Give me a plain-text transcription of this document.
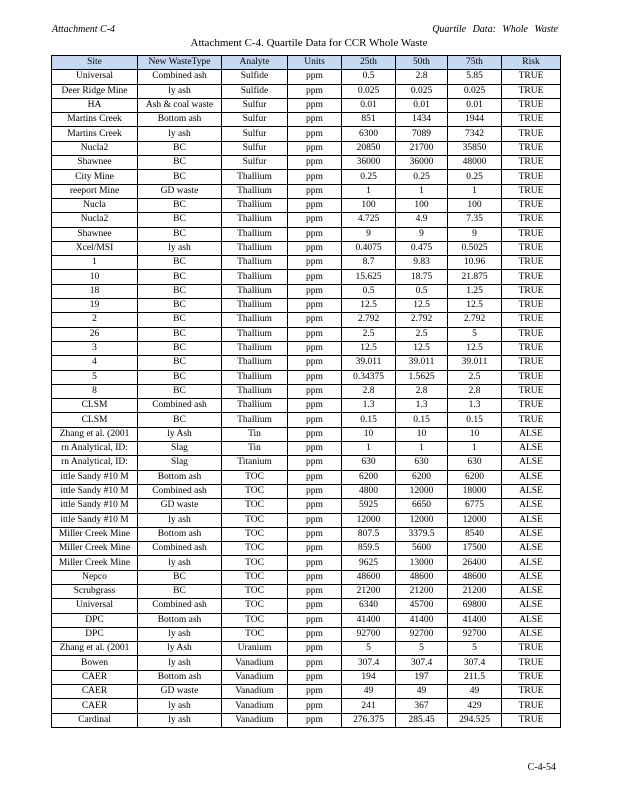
Attachment C-4	Quartile Data: Whole Waste
Attachment C-4. Quartile Data for CCR Whole Waste
Site	New WasteType	Analyte	Units	25th	50th	75th	Risk
Universal	Combined ash	Sulfide	ppm	0.5	2.8	5.85	TRUE
Deer Ridge Mine	ly ash	Sulfide	ppm	0.025	0.025	0.025	TRUE
HA	Ash & coal waste	Sulfur	ppm	0.01	0.01	0.01	TRUE
Martins Creek	Bottom ash	Sulfur	ppm	851	1434	1944	TRUE
Martins Creek	ly ash	Sulfur	ppm	6300	7089	7342	TRUE
Nucla2	BC	Sulfur	ppm	20850	21700	35850	TRUE
Shawnee	BC	Sulfur	ppm	36000	36000	48000	TRUE
City Mine	BC	Thallium	ppm	0.25	0.25	0.25	TRUE
reeport Mine	GD waste	Thallium	ppm	1	1	1	TRUE
Nucla	BC	Thallium	ppm	100	100	100	TRUE
Nucla2	BC	Thallium	ppm	4.725	4.9	7.35	TRUE
Shawnee	BC	Thallium	ppm	9	9	9	TRUE
Xcel/MSI	ly ash	Thallium	ppm	0.4075	0.475	0.5025	TRUE
1	BC	Thallium	ppm	8.7	9.83	10.96	TRUE
10	BC	Thallium	ppm	15.625	18.75	21.875	TRUE
18	BC	Thallium	ppm	0.5	0.5	1.25	TRUE
19	BC	Thallium	ppm	12.5	12.5	12.5	TRUE
2	BC	Thallium	ppm	2.792	2.792	2.792	TRUE
26	BC	Thallium	ppm	2.5	2.5	5	TRUE
3	BC	Thallium	ppm	12.5	12.5	12.5	TRUE
4	BC	Thallium	ppm	39.011	39.011	39.011	TRUE
5	BC	Thallium	ppm	0.34375	1.5625	2.5	TRUE
8	BC	Thallium	ppm	2.8	2.8	2.8	TRUE
CLSM	Combined ash	Thallium	ppm	1.3	1.3	1.3	TRUE
CLSM	BC	Thallium	ppm	0.15	0.15	0.15	TRUE
Zhang et al. (2001	ly Ash	Tin	ppm	10	10	10	ALSE
rn Analytical, ID:	Slag	Tin	ppm	1	1	1	ALSE
rn Analytical, ID:	Slag	Titanium	ppm	630	630	630	ALSE
ittle Sandy #10 M	Bottom ash	TOC	ppm	6200	6200	6200	ALSE
ittle Sandy #10 M	Combined ash	TOC	ppm	4800	12000	18000	ALSE
ittle Sandy #10 M	GD waste	TOC	ppm	5925	6650	6775	ALSE
ittle Sandy #10 M	ly ash	TOC	ppm	12000	12000	12000	ALSE
Miller Creek Mine	Bottom ash	TOC	ppm	807.5	3379.5	8540	ALSE
Miller Creek Mine	Combined ash	TOC	ppm	859.5	5600	17500	ALSE
Miller Creek Mine	ly ash	TOC	ppm	9625	13000	26400	ALSE
Nepco	BC	TOC	ppm	48600	48600	48600	ALSE
Scrubgrass	BC	TOC	ppm	21200	21200	21200	ALSE
Universal	Combined ash	TOC	ppm	6340	45700	69800	ALSE
DPC	Bottom ash	TOC	ppm	41400	41400	41400	ALSE
DPC	ly ash	TOC	ppm	92700	92700	92700	ALSE
Zhang et al. (2001	ly Ash	Uranium	ppm	5	5	5	TRUE
Bowen	ly ash	Vanadium	ppm	307.4	307.4	307.4	TRUE
CAER	Bottom ash	Vanadium	ppm	194	197	211.5	TRUE
CAER	GD waste	Vanadium	ppm	49	49	49	TRUE
CAER	ly ash	Vanadium	ppm	241	367	429	TRUE
Cardinal	ly ash	Vanadium	ppm	276.375	285.45	294.525	TRUE
C-4-54
